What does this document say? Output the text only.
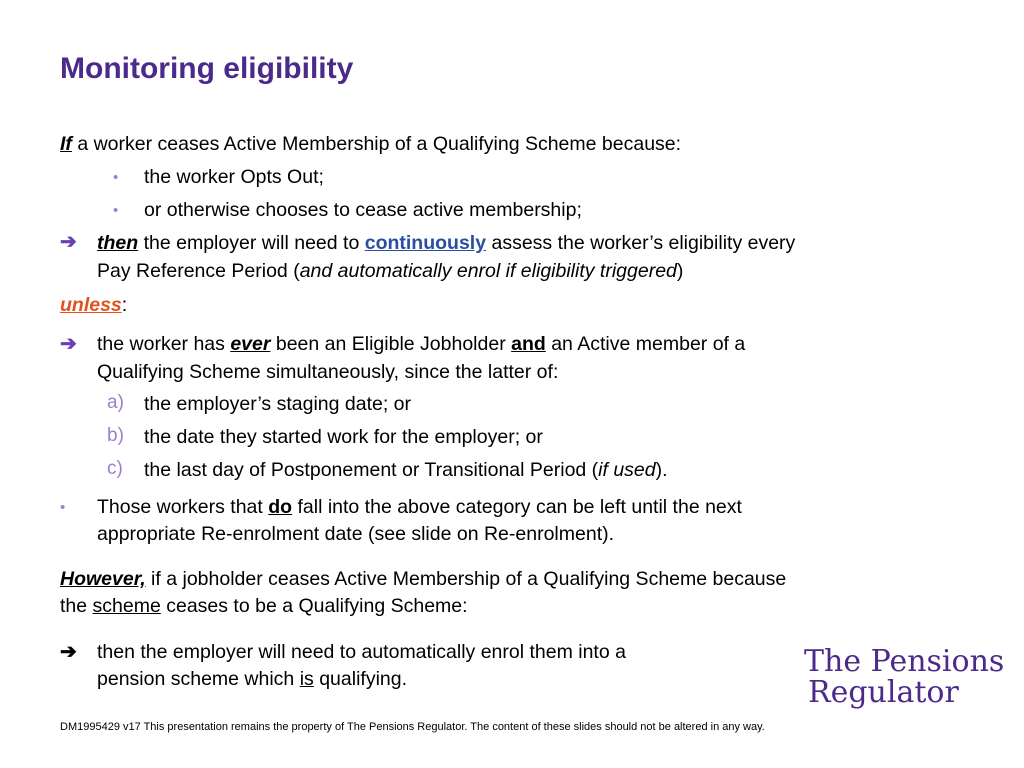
Monitoring eligibility
If a worker ceases Active Membership of a Qualifying Scheme because:
• the worker Opts Out;
• or otherwise chooses to cease active membership;
➔ then the employer will need to continuously assess the worker’s eligibility every
Pay Reference Period (and automatically enrol if eligibility triggered)
unless:
➔ the worker has ever been an Eligible Jobholder and an Active member of a
Qualifying Scheme simultaneously, since the latter of:
a) the employer’s staging date; or
b) the date they started work for the employer; or
c) the last day of Postponement or Transitional Period (if used).
• Those workers that do fall into the above category can be left until the next
appropriate Re-enrolment date (see slide on Re-enrolment).
However, if a jobholder ceases Active Membership of a Qualifying Scheme because
the scheme ceases to be a Qualifying Scheme:
➔ then the employer will need to automatically enrol them into a
pension scheme which is qualifying.	The Pensions
Regulator
DM1995429 v17 This presentation remains the property of The Pensions Regulator. The content of these slides should not be altered in any way.
